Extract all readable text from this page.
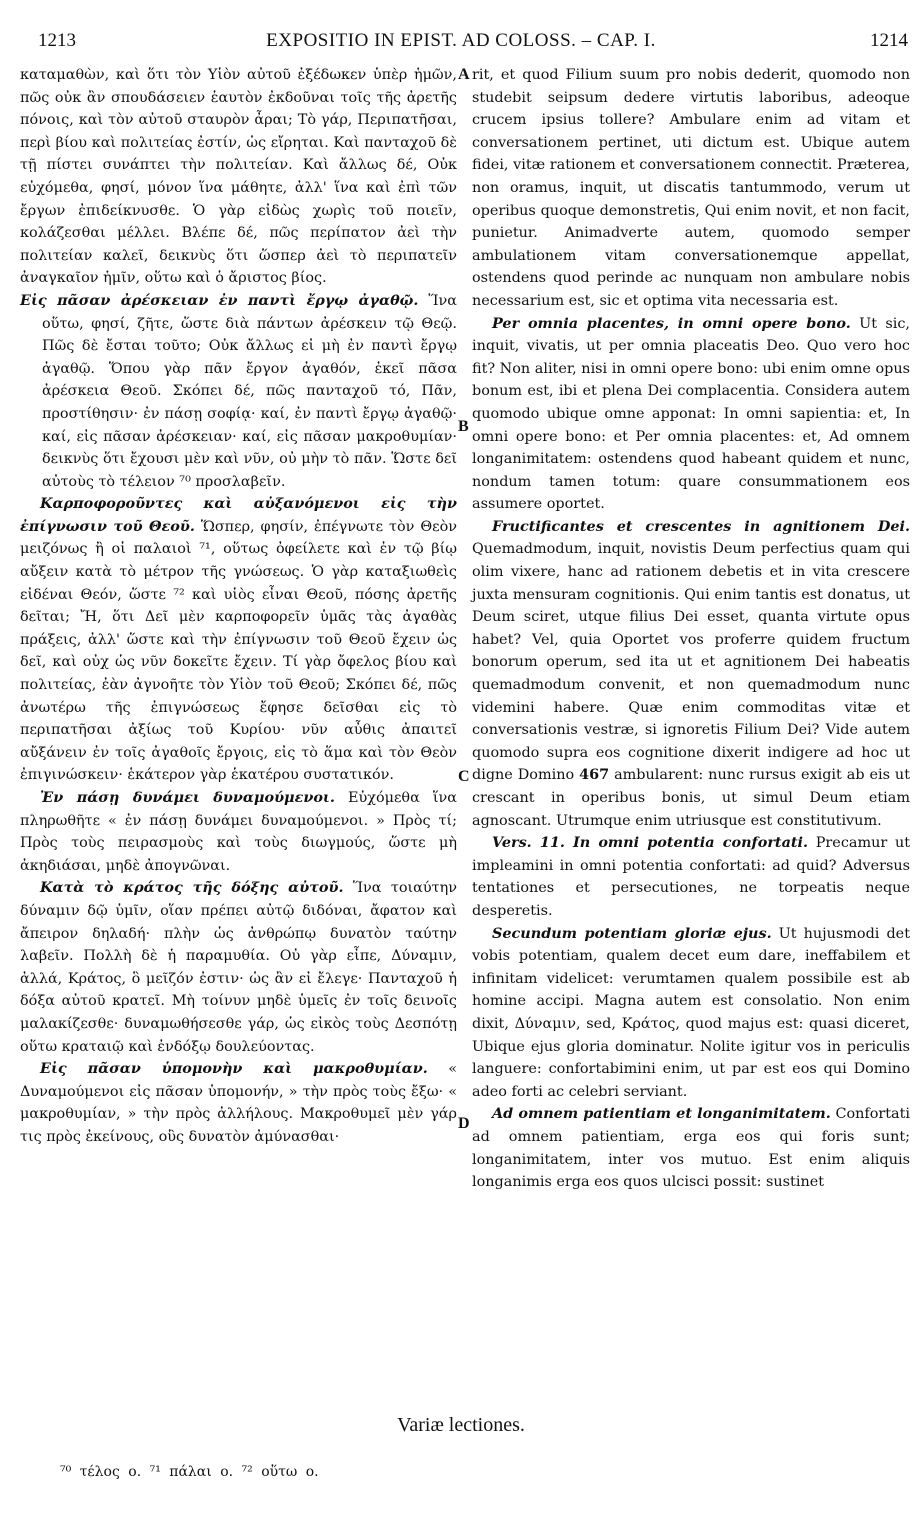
1213	EXPOSITIO IN EPIST. AD COLOSS. – CAP. I.	1214
A
B
C
D

καταμαθὼν, καὶ ὅτι τὸν Υἱὸν αὐτοῦ ἐξέδωκεν ὑπὲρ ἡμῶν, πῶς οὐκ ἂν σπουδάσειεν ἑαυτὸν ἐκδοῦναι τοῖς τῆς ἀρετῆς πόνοις, καὶ τὸν αὐτοῦ σταυρὸν ἆραι; Τὸ γάρ, Περιπατῆσαι, περὶ βίου καὶ πολιτείας ἐστίν, ὡς εἴρηται. Καὶ πανταχοῦ δὲ τῇ πίστει συνάπτει τὴν πολιτείαν. Καὶ ἄλλως δέ, Οὐκ εὐχόμεθα, φησί, μόνον ἵνα μάθητε, ἀλλ' ἵνα καὶ ἐπὶ τῶν ἔργων ἐπιδείκνυσθε. Ὁ γὰρ εἰδὼς χωρὶς τοῦ ποιεῖν, κολάζεσθαι μέλλει. Βλέπε δέ, πῶς περίπατον ἀεὶ τὴν πολιτείαν καλεῖ, δεικνὺς ὅτι ὥσπερ ἀεὶ τὸ περιπατεῖν ἀναγκαῖον ἡμῖν, οὕτω καὶ ὁ ἄριστος βίος.

Εἰς πᾶσαν ἀρέσκειαν ἐν παντὶ ἔργῳ ἀγαθῷ. Ἵνα οὕτω, φησί, ζῆτε, ὥστε διὰ πάντων ἀρέσκειν τῷ Θεῷ. Πῶς δὲ ἔσται τοῦτο; Οὐκ ἄλλως εἰ μὴ ἐν παντὶ ἔργῳ ἀγαθῷ. Ὅπου γὰρ πᾶν ἔργον ἀγαθόν, ἐκεῖ πᾶσα ἀρέσκεια Θεοῦ. Σκόπει δέ, πῶς πανταχοῦ τό, Πᾶν, προστίθησιν· ἐν πάσῃ σοφίᾳ· καί, ἐν παντὶ ἔργῳ ἀγαθῷ· καί, εἰς πᾶσαν ἀρέσκειαν· καί, εἰς πᾶσαν μακροθυμίαν· δεικνὺς ὅτι ἔχουσι μὲν καὶ νῦν, οὐ μὴν τὸ πᾶν. Ὥστε δεῖ αὐτοὺς τὸ τέλειον ⁷⁰ προσλαβεῖν.

Καρποφοροῦντες καὶ αὐξανόμενοι εἰς τὴν ἐπίγνωσιν τοῦ Θεοῦ. Ὥσπερ, φησίν, ἐπέγνωτε τὸν Θεὸν μειζόνως ἢ οἱ παλαιοὶ ⁷¹, οὕτως ὀφείλετε καὶ ἐν τῷ βίῳ αὔξειν κατὰ τὸ μέτρον τῆς γνώσεως. Ὁ γὰρ καταξιωθεὶς εἰδέναι Θεόν, ὥστε ⁷² καὶ υἱὸς εἶναι Θεοῦ, πόσης ἀρετῆς δεῖται; Ἤ, ὅτι Δεῖ μὲν καρποφορεῖν ὑμᾶς τὰς ἀγαθὰς πράξεις, ἀλλ' ὥστε καὶ τὴν ἐπίγνωσιν τοῦ Θεοῦ ἔχειν ὡς δεῖ, καὶ οὐχ ὡς νῦν δοκεῖτε ἔχειν. Τί γὰρ ὄφελος βίου καὶ πολιτείας, ἐὰν ἀγνοῆτε τὸν Υἱὸν τοῦ Θεοῦ; Σκόπει δέ, πῶς ἀνωτέρω τῆς ἐπιγνώσεως ἔφησε δεῖσθαι εἰς τὸ περιπατῆσαι ἀξίως τοῦ Κυρίου· νῦν αὖθις ἀπαιτεῖ αὔξάνειν ἐν τοῖς ἀγαθοῖς ἔργοις, εἰς τὸ ἅμα καὶ τὸν Θεὸν ἐπιγινώσκειν· ἑκάτερον γὰρ ἑκατέρου συστατικόν.

Ἐν πάσῃ δυνάμει δυναμούμενοι. Εὐχόμεθα ἵνα πληρωθῆτε « ἐν πάσῃ δυνάμει δυναμούμενοι. » Πρὸς τί; Πρὸς τοὺς πειρασμοὺς καὶ τοὺς διωγμούς, ὥστε μὴ ἀκηδιάσαι, μηδὲ ἀπογνῶναι.

Κατὰ τὸ κράτος τῆς δόξης αὐτοῦ. Ἵνα τοιαύτην δύναμιν δῷ ὑμῖν, οἵαν πρέπει αὐτῷ διδόναι, ἄφατον καὶ ἄπειρον δηλαδή· πλὴν ὡς ἀνθρώπῳ δυνατὸν ταύτην λαβεῖν. Πολλὴ δὲ ἡ παραμυθία. Οὐ γὰρ εἶπε, Δύναμιν, ἀλλά, Κράτος, ὃ μεῖζόν ἐστιν· ὡς ἂν εἰ ἔλεγε· Πανταχοῦ ἡ δόξα αὐτοῦ κρατεῖ. Μὴ τοίνυν μηδὲ ὑμεῖς ἐν τοῖς δεινοῖς μαλακίζεσθε· δυναμωθήσεσθε γάρ, ὡς εἰκὸς τοὺς Δεσπότῃ οὕτω κραταιῷ καὶ ἐνδόξῳ δουλεύοντας.

Εἰς πᾶσαν ὑπομονὴν καὶ μακροθυμίαν. « Δυναμούμενοι εἰς πᾶσαν ὑπομονήν, » τὴν πρὸς τοὺς ἔξω· « μακροθυμίαν, » τὴν πρὸς ἀλλήλους. Μακροθυμεῖ μὲν γάρ τις πρὸς ἐκείνους, οὓς δυνατὸν ἀμύνασθαι·

rit, et quod Filium suum pro nobis dederit, quomodo non studebit seipsum dedere virtutis laboribus, adeoque crucem ipsius tollere? Ambulare enim ad vitam et conversationem pertinet, uti dictum est. Ubique autem fidei, vitæ rationem et conversationem connectit. Præterea, non oramus, inquit, ut discatis tantummodo, verum ut operibus quoque demonstretis, Qui enim novit, et non facit, punietur. Animadverte autem, quomodo semper ambulationem vitam conversationemque appellat, ostendens quod perinde ac nunquam non ambulare nobis necessarium est, sic et optima vita necessaria est.

Per omnia placentes, in omni opere bono. Ut sic, inquit, vivatis, ut per omnia placeatis Deo. Quo vero hoc fit? Non aliter, nisi in omni opere bono: ubi enim omne opus bonum est, ibi et plena Dei complacentia. Considera autem quomodo ubique omne apponat: In omni sapientia: et, In omni opere bono: et Per omnia placentes: et, Ad omnem longanimitatem: ostendens quod habeant quidem et nunc, nondum tamen totum: quare consummationem eos assumere oportet.

Fructificantes et crescentes in agnitionem Dei. Quemadmodum, inquit, novistis Deum perfectius quam qui olim vixere, hanc ad rationem debetis et in vita crescere juxta mensuram cognitionis. Qui enim tantis est donatus, ut Deum sciret, utque filius Dei esset, quanta virtute opus habet? Vel, quia Oportet vos proferre quidem fructum bonorum operum, sed ita ut et agnitionem Dei habeatis quemadmodum convenit, et non quemadmodum nunc videmini habere. Quæ enim commoditas vitæ et conversationis vestræ, si ignoretis Filium Dei? Vide autem quomodo supra eos cognitione dixerit indigere ad hoc ut digne Domino 467 ambularent: nunc rursus exigit ab eis ut crescant in operibus bonis, ut simul Deum etiam agnoscant. Utrumque enim utriusque est constitutivum.

Vers. 11. In omni potentia confortati. Precamur ut impleamini in omni potentia confortati: ad quid? Adversus tentationes et persecutiones, ne torpeatis neque desperetis.

Secundum potentiam gloriæ ejus. Ut hujusmodi det vobis potentiam, qualem decet eum dare, ineffabilem et infinitam videlicet: verumtamen qualem possibile est ab homine accipi. Magna autem est consolatio. Non enim dixit, Δύναμιν, sed, Κράτος, quod majus est: quasi diceret, Ubique ejus gloria dominatur. Nolite igitur vos in periculis languere: confortabimini enim, ut par est eos qui Domino adeo forti ac celebri serviant.

Ad omnem patientiam et longanimitatem. Confortati ad omnem patientiam, erga eos qui foris sunt; longanimitatem, inter vos mutuo. Est enim aliquis longanimis erga eos quos ulcisci possit: sustinet

Variæ lectiones.
⁷⁰ τέλος ο. ⁷¹ πάλαι ο. ⁷² οὕτω ο.
